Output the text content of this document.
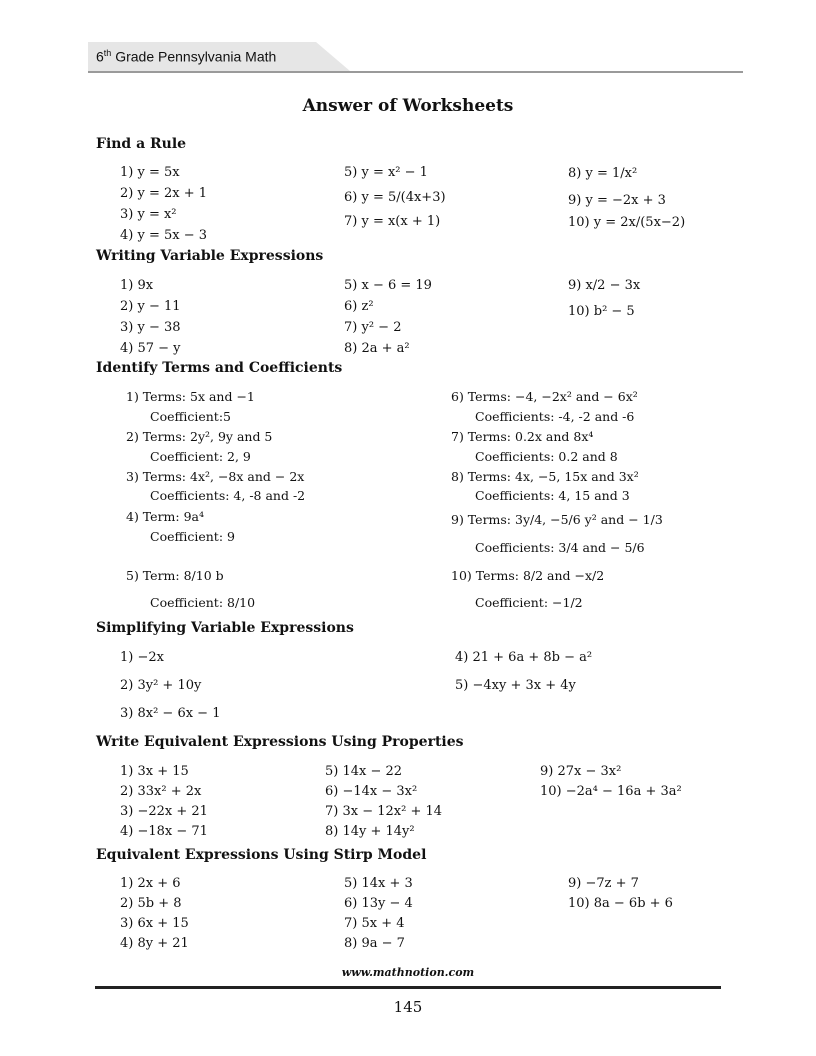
6th Grade Pennsylvania Math
Answer of Worksheets
Find a Rule
1) y = 5x
2) y = 2x + 1
3) y = x²
4) y = 5x − 3
5) y = x² − 1
6) y = 5/(4x+3)
7) y = x(x + 1)
8) y = 1/x²
9) y = −2x + 3
10) y = 2x/(5x−2)
Writing Variable Expressions
1) 9x
2) y − 11
3) y − 38
4) 57 − y
5) x − 6 = 19
6) z²
7) y² − 2
8) 2a + a²
9) x/2 − 3x
10) b² − 5
Identify Terms and Coefficients
1) Terms: 5x and −1
Coefficient:5
2) Terms: 2y², 9y and 5
Coefficient: 2, 9
3) Terms: 4x², −8x and − 2x
Coefficients: 4, -8 and -2
4) Term: 9a⁴
Coefficient: 9
5) Term: 8/10 b
Coefficient: 8/10
6) Terms: −4, −2x² and − 6x²
Coefficients: -4, -2 and -6
7) Terms: 0.2x and 8x⁴
Coefficients: 0.2 and 8
8) Terms: 4x, −5, 15x and 3x²
Coefficients: 4, 15 and 3
9) Terms: 3y/4, −5/6 y² and − 1/3
Coefficients: 3/4 and − 5/6
10) Terms: 8/2 and −x/2
Coefficient: −1/2
Simplifying Variable Expressions
1) −2x
2) 3y² + 10y
3) 8x² − 6x − 1
4) 21 + 6a + 8b − a²
5) −4xy + 3x + 4y
Write Equivalent Expressions Using Properties
1) 3x + 15
2) 33x² + 2x
3) −22x + 21
4) −18x − 71
5) 14x − 22
6) −14x − 3x²
7) 3x − 12x² + 14
8) 14y + 14y²
9) 27x − 3x²
10) −2a⁴ − 16a + 3a²
Equivalent Expressions Using Stirp Model
1) 2x + 6
2) 5b + 8
3) 6x + 15
4) 8y + 21
5) 14x + 3
6) 13y − 4
7) 5x + 4
8) 9a − 7
9) −7z + 7
10) 8a − 6b + 6
www.mathnotion.com
145
